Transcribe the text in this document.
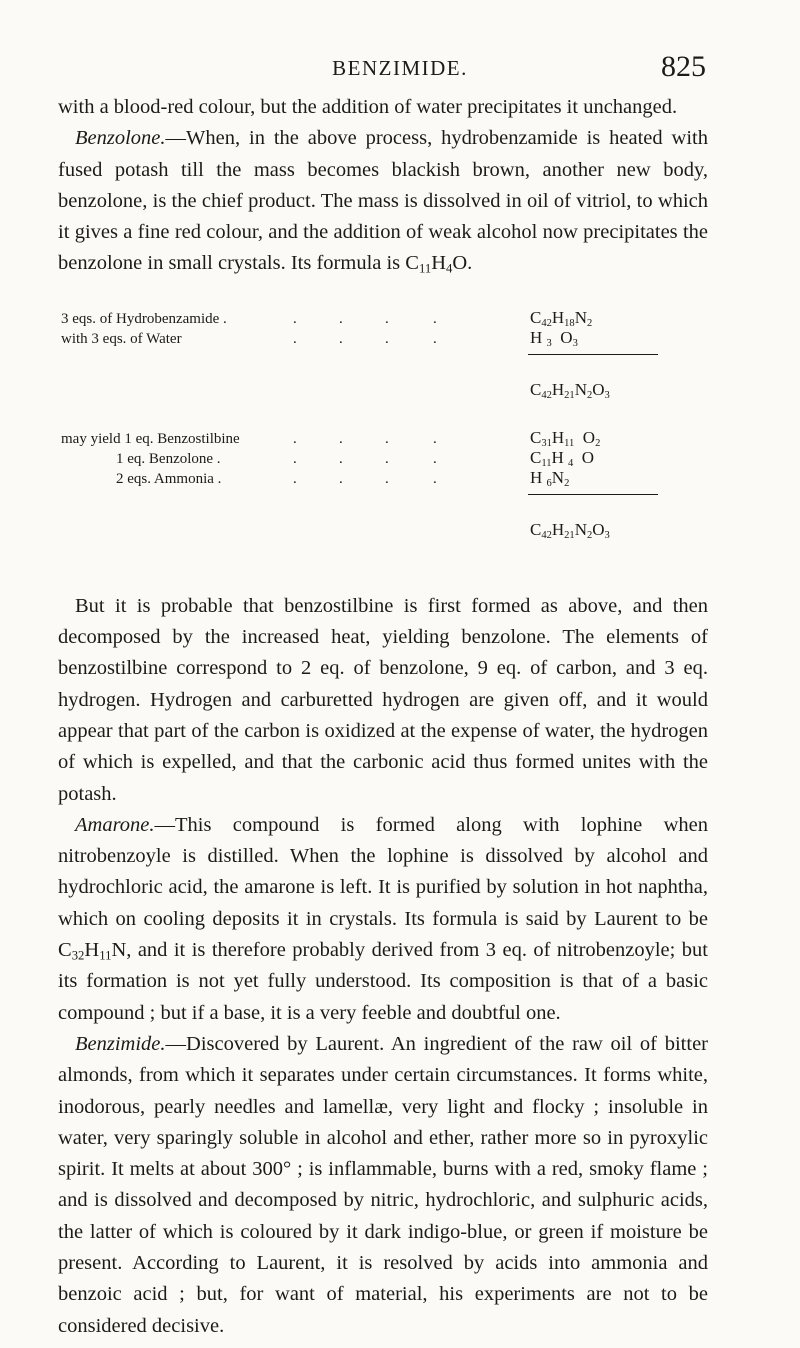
BENZIMIDE.	825

with a blood-red colour, but the addition of water precipitates it unchanged.

Benzolone.—When, in the above process, hydrobenzamide is heated with fused potash till the mass becomes blackish brown, another new body, benzolone, is the chief product. The mass is dissolved in oil of vitriol, to which it gives a fine red colour, and the addition of weak alcohol now precipitates the benzolone in small crystals. Its formula is $C_{11}H_4O$.

3 eqs. of Hydrobenzamide .	.	.	.	.	$C_{42}H_{18}N_2$
with 3 eqs. of Water	.	.	.	.	H $_3$  $O_3$
$C_{42}H_{21}N_2O_3$
may yield 1 eq. Benzostilbine	.	.	.	.	$C_{31}H_{11}$  $O_2$
1 eq. Benzolone .	.	.	.	.	$C_{11}H$ $_4$  O
2 eqs. Ammonia .	.	.	.	.	H $_6N_2$
$C_{42}H_{21}N_2O_3$

But it is probable that benzostilbine is first formed as above, and then decomposed by the increased heat, yielding benzolone. The elements of benzostilbine correspond to 2 eq. of benzolone, 9 eq. of carbon, and 3 eq. hydrogen. Hydrogen and carburetted hydrogen are given off, and it would appear that part of the carbon is oxidized at the expense of water, the hydrogen of which is expelled, and that the carbonic acid thus formed unites with the potash.

Amarone.—This compound is formed along with lophine when nitrobenzoyle is distilled. When the lophine is dissolved by alcohol and hydrochloric acid, the amarone is left. It is purified by solution in hot naphtha, which on cooling deposits it in crystals. Its formula is said by Laurent to be $C_{32}H_{11}N$, and it is therefore probably derived from 3 eq. of nitrobenzoyle; but its formation is not yet fully understood. Its composition is that of a basic compound ; but if a base, it is a very feeble and doubtful one.

Benzimide.—Discovered by Laurent. An ingredient of the raw oil of bitter almonds, from which it separates under certain circumstances. It forms white, inodorous, pearly needles and lamellæ, very light and flocky ; insoluble in water, very sparingly soluble in alcohol and ether, rather more so in pyroxylic spirit. It melts at about 300° ; is inflammable, burns with a red, smoky flame ; and is dissolved and decomposed by nitric, hydrochloric, and sulphuric acids, the latter of which is coloured by it dark indigo-blue, or green if moisture be present. According to Laurent, it is resolved by acids into ammonia and benzoic acid ; but, for want of material, his experiments are not to be considered decisive.
